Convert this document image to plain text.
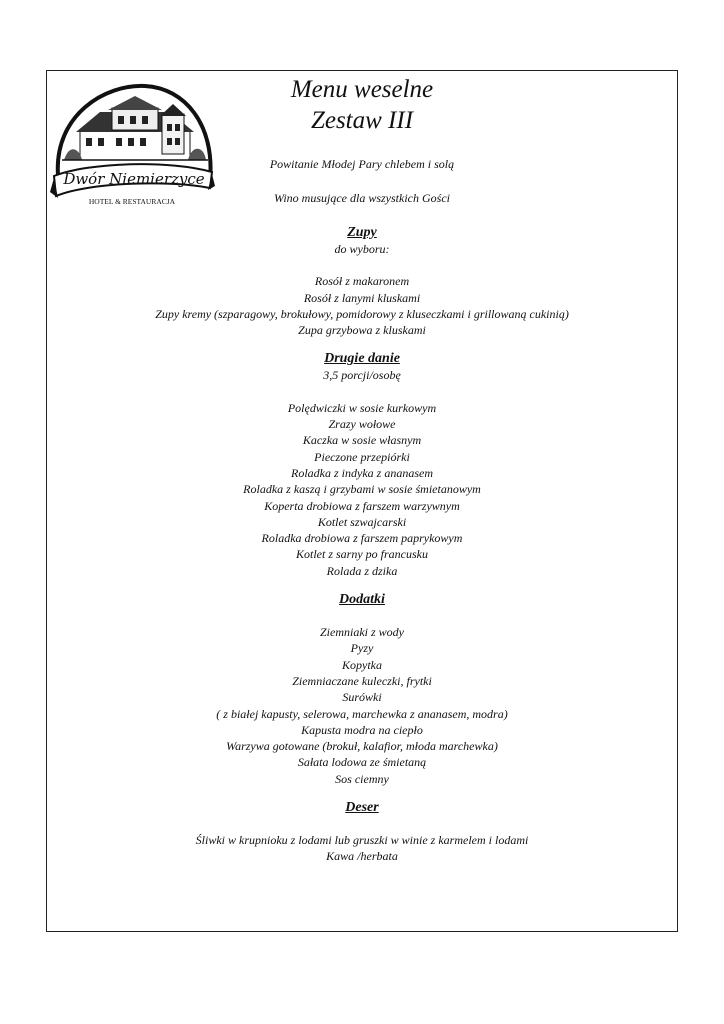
Dwór Niemierzyce
HOTEL & RESTAURACJA
Menu weselne
Zestaw III
Powitanie Młodej Pary chlebem i solą
Wino musujące dla wszystkich Gości
Zupy
do wyboru:
Rosół z makaronem
Rosół z lanymi kluskami
Zupy kremy (szparagowy, brokułowy, pomidorowy z kluseczkami i grillowaną cukinią)
Zupa grzybowa z kluskami
Drugie danie
3,5 porcji/osobę
Polędwiczki w sosie kurkowym
Zrazy wołowe
Kaczka w sosie własnym
Pieczone przepiórki
Roladka z indyka z ananasem
Roladka z kaszą i grzybami w sosie śmietanowym
Koperta drobiowa z farszem warzywnym
Kotlet szwajcarski
Roladka drobiowa z farszem paprykowym
Kotlet z sarny po francusku
Rolada z dzika
Dodatki
Ziemniaki z wody
Pyzy
Kopytka
Ziemniaczane kuleczki, frytki
Surówki
( z białej kapusty, selerowa, marchewka z ananasem, modra)
Kapusta modra na ciepło
Warzywa gotowane (brokuł, kalafior, młoda marchewka)
Sałata lodowa ze śmietaną
Sos ciemny
Deser
Śliwki w krupnioku z lodami lub gruszki w winie z karmelem i lodami
Kawa /herbata
